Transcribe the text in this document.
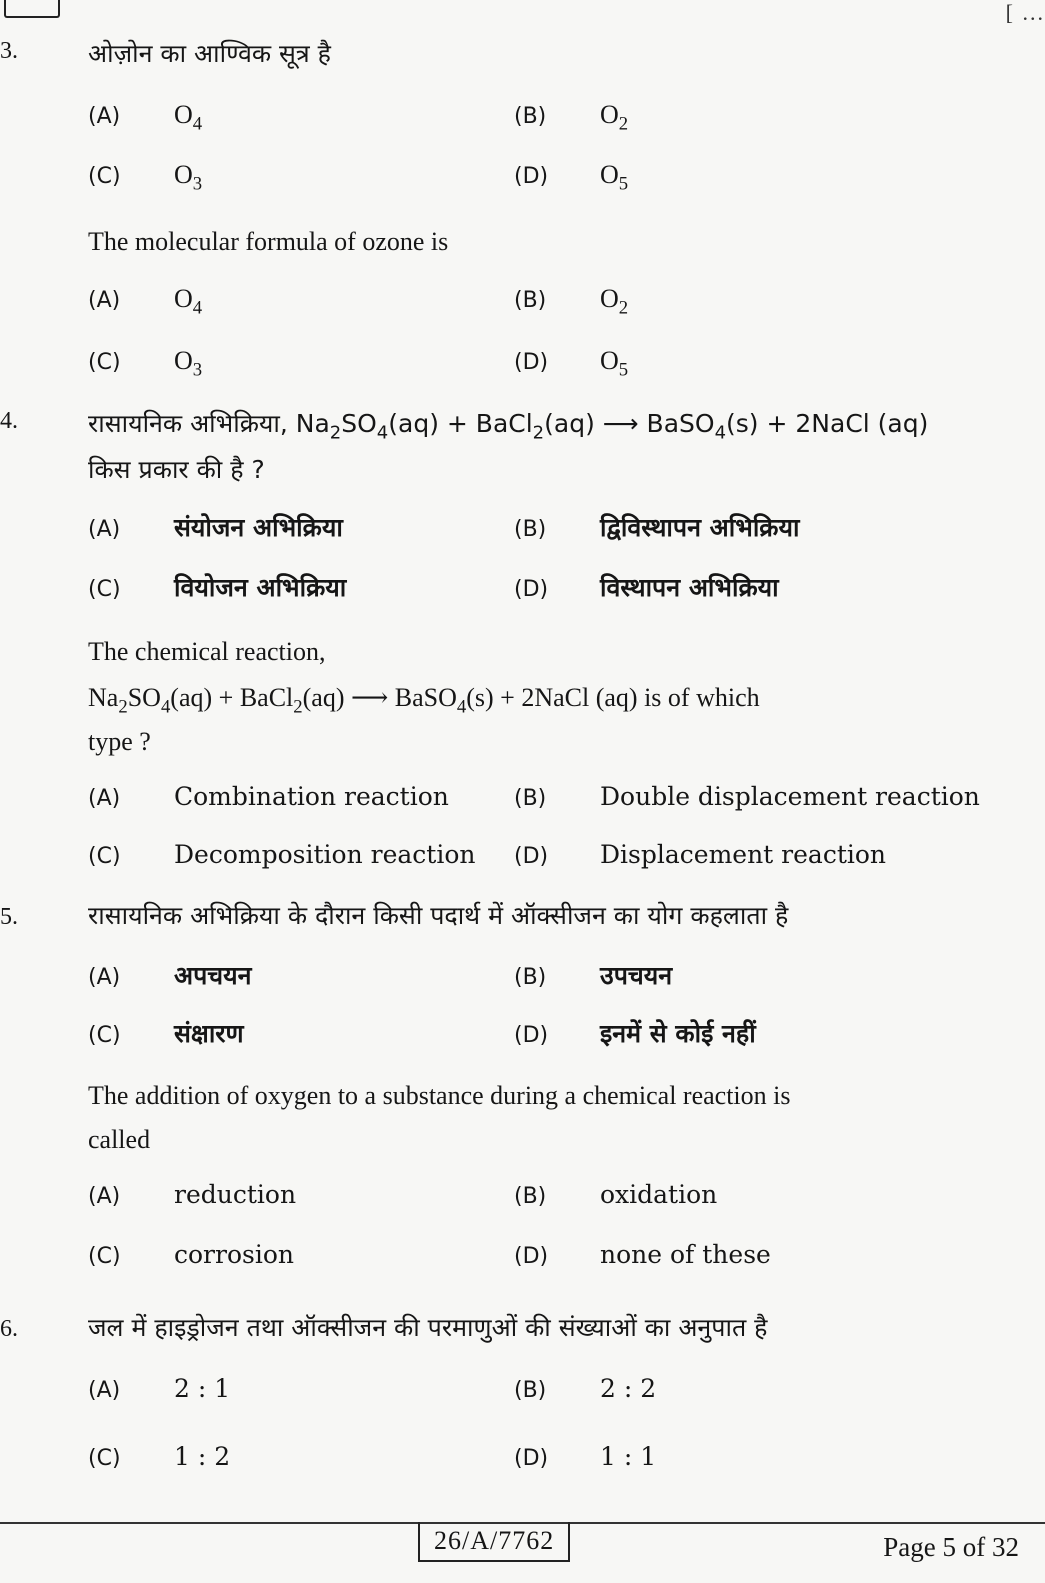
[ ...
3.	ओज़ोन का आण्विक सूत्र है
(A) $O_4$	(B) $O_2$
(C) $O_3$	(D) $O_5$
The molecular formula of ozone is
(A) $O_4$	(B) $O_2$
(C) $O_3$	(D) $O_5$
4.	रासायनिक अभिक्रिया, $Na_2SO_4(aq)$ + BaCl$_2$(aq) ⟶ BaSO$_4$(s) + 2NaCl (aq)
किस प्रकार की है ?
(A) संयोजन अभिक्रिया	(B) द्विविस्थापन अभिक्रिया
(C) वियोजन अभिक्रिया	(D) विस्थापन अभिक्रिया
The chemical reaction,
$Na_2SO_4(aq)$ + BaCl$_2$(aq) ⟶ BaSO$_4$(s) + 2NaCl (aq) is of which
type ?
(A) Combination reaction	(B) Double displacement reaction
(C) Decomposition reaction (D) Displacement reaction
5.	रासायनिक अभिक्रिया के दौरान किसी पदार्थ में ऑक्सीजन का योग कहलाता है
(A) अपचयन	(B) उपचयन
(C) संक्षारण	(D) इनमें से कोई नहीं
The addition of oxygen to a substance during a chemical reaction is
called
(A) reduction	(B) oxidation
(C) corrosion	(D) none of these
6.	जल में हाइड्रोजन तथा ऑक्सीजन की परमाणुओं की संख्याओं का अनुपात है
(A) 2 : 1	(B) 2 : 2
(C) 1 : 2	(D) 1 : 1
26/A/7762	Page 5 of 32
